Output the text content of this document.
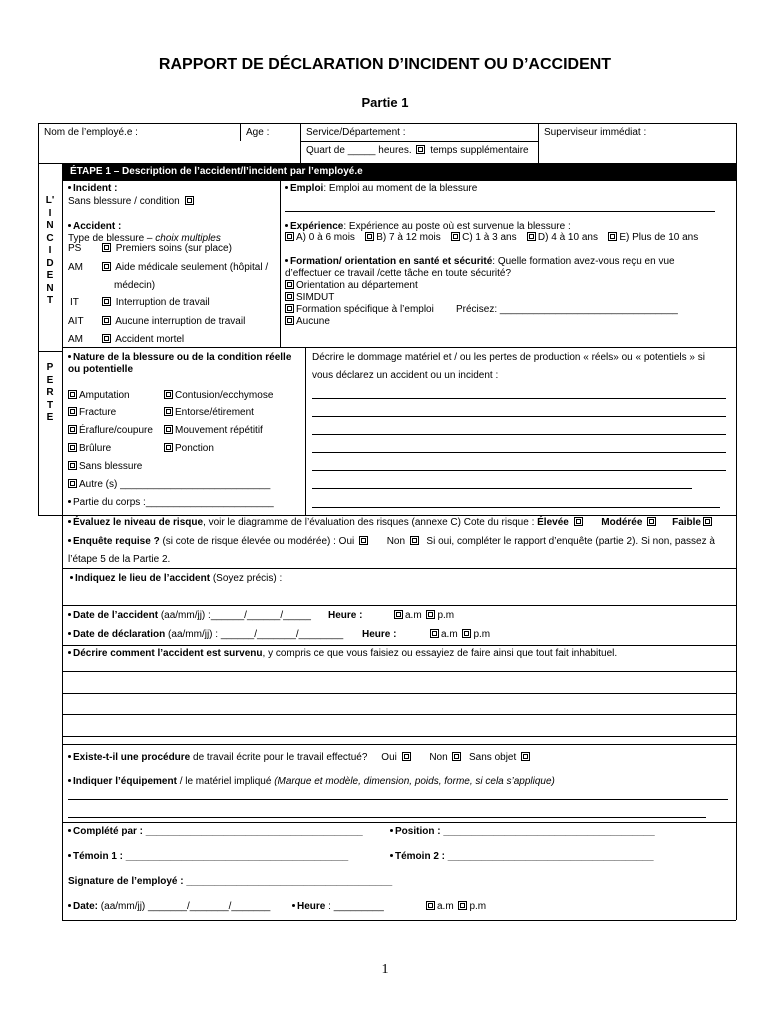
RAPPORT DE DÉCLARATION D’INCIDENT OU D’ACCIDENT
Partie 1
Nom de l’employé.e :	Age :	Service/Département :	Superviseur immédiat :
Quart de _____ heures. temps supplémentaire
ÉTAPE 1 – Description de l’accident/l’incident par l’employé.e
L'
I
N
C
I
D
E
N
T
Incident :
Sans blessure / condition
Accident :
Type de blessure – choix multiples
PS	Premiers soins (sur place)
AM	Aide médicale seulement (hôpital /
médecin)
IT	Interruption de travail
AIT	Aucune interruption de travail
AM	Accident mortel
Emploi: Emploi au moment de la blessure
Expérience: Expérience au poste où est survenue la blessure :
A) 0 à 6 mois B) 7 à 12 mois C) 1 à 3 ans D) 4 à 10 ans E) Plus de 10 ans
Formation/ orientation en santé et sécurité: Quelle formation avez-vous reçu en vue
d’effectuer ce travail /cette tâche en toute sécurité?
Orientation au département
SIMDUT
Formation spécifique à l’emploi Précisez: ________________________________
Aucune
P
E
R
T
E
Nature de la blessure ou de la condition réelle
ou potentielle
Amputation	Contusion/ecchymose
Fracture	Entorse/étirement
Éraflure/coupure	Mouvement répétitif
Brûlure	Ponction
Sans blessure
Autre (s) ___________________________
Partie du corps :_______________________
Décrire le dommage matériel et / ou les pertes de production « réels» ou « potentiels » si
vous déclarez un accident ou un incident :
Évaluez le niveau de risque, voir le diagramme de l’évaluation des risques (annexe C) Cote du risque : Élevée	Modérée	Faible
Enquête requise ? (si cote de risque élevée ou modérée) : Oui	Non Si oui, compléter le rapport d’enquête (partie 2). Si non, passez à
l’étape 5 de la Partie 2.
Indiquez le lieu de l’accident (Soyez précis) :
Date de l’accident (aa/mm/jj) :______/______/_____ Heure :	a.m p.m
Date de déclaration (aa/mm/jj) : ______/_______/________ Heure :	a.m p.m
Décrire comment l’accident est survenu, y compris ce que vous faisiez ou essayiez de faire ainsi que tout fait inhabituel.
Existe-t-il une procédure de travail écrite pour le travail effectué? Oui	Non Sans objet
Indiquer l’équipement / le matériel impliqué (Marque et modèle, dimension, poids, forme, si cela s’applique)
Complété par : _______________________________________	Position : ______________________________________
Témoin 1 : ________________________________________	Témoin 2 : _____________________________________
Signature de l’employé : _____________________________________
Date: (aa/mm/jj) _______/_______/_______	Heure : _________	a.m p.m
1
